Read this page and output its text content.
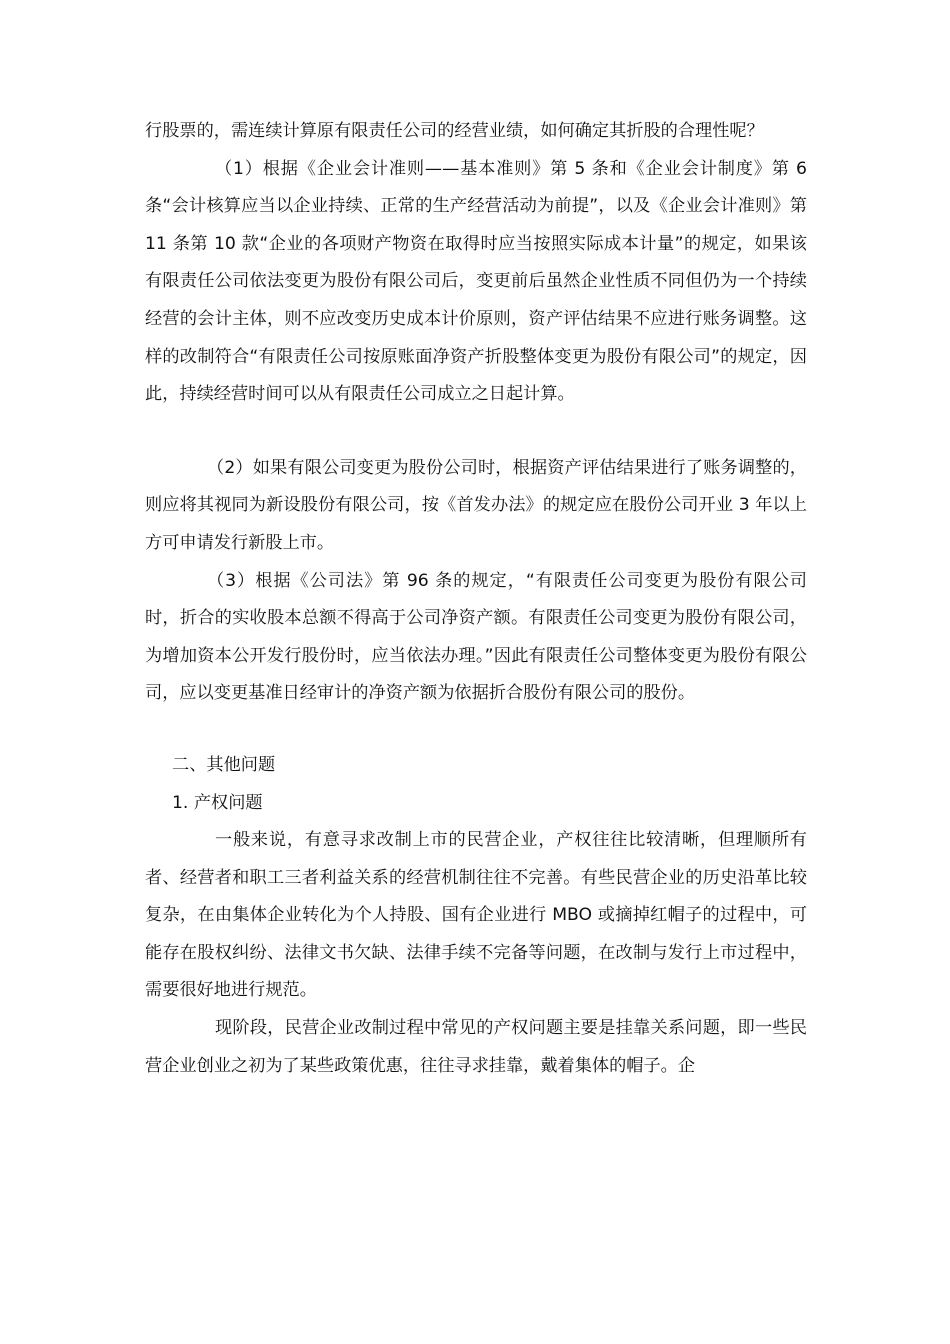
行股票的，需连续计算原有限责任公司的经营业绩，如何确定其折股的合理性呢？

（1）根据《企业会计准则——基本准则》第 5 条和《企业会计制度》第 6 条“会计核算应当以企业持续、正常的生产经营活动为前提”，以及《企业会计准则》第 11 条第 10 款“企业的各项财产物资在取得时应当按照实际成本计量”的规定，如果该有限责任公司依法变更为股份有限公司后，变更前后虽然企业性质不同但仍为一个持续经营的会计主体，则不应改变历史成本计价原则，资产评估结果不应进行账务调整。这样的改制符合“有限责任公司按原账面净资产折股整体变更为股份有限公司”的规定，因此，持续经营时间可以从有限责任公司成立之日起计算。

（2）如果有限公司变更为股份公司时，根据资产评估结果进行了账务调整的，则应将其视同为新设股份有限公司，按《首发办法》的规定应在股份公司开业 3 年以上方可申请发行新股上市。

（3）根据《公司法》第 96 条的规定，“有限责任公司变更为股份有限公司时，折合的实收股本总额不得高于公司净资产额。有限责任公司变更为股份有限公司，为增加资本公开发行股份时，应当依法办理。”因此有限责任公司整体变更为股份有限公司，应以变更基准日经审计的净资产额为依据折合股份有限公司的股份。

二、其他问题

1. 产权问题

一般来说，有意寻求改制上市的民营企业，产权往往比较清晰，但理顺所有者、经营者和职工三者利益关系的经营机制往往不完善。有些民营企业的历史沿革比较复杂，在由集体企业转化为个人持股、国有企业进行 MBO 或摘掉红帽子的过程中，可能存在股权纠纷、法律文书欠缺、法律手续不完备等问题，在改制与发行上市过程中，需要很好地进行规范。

现阶段，民营企业改制过程中常见的产权问题主要是挂靠关系问题，即一些民营企业创业之初为了某些政策优惠，往往寻求挂靠，戴着集体的帽子。企
